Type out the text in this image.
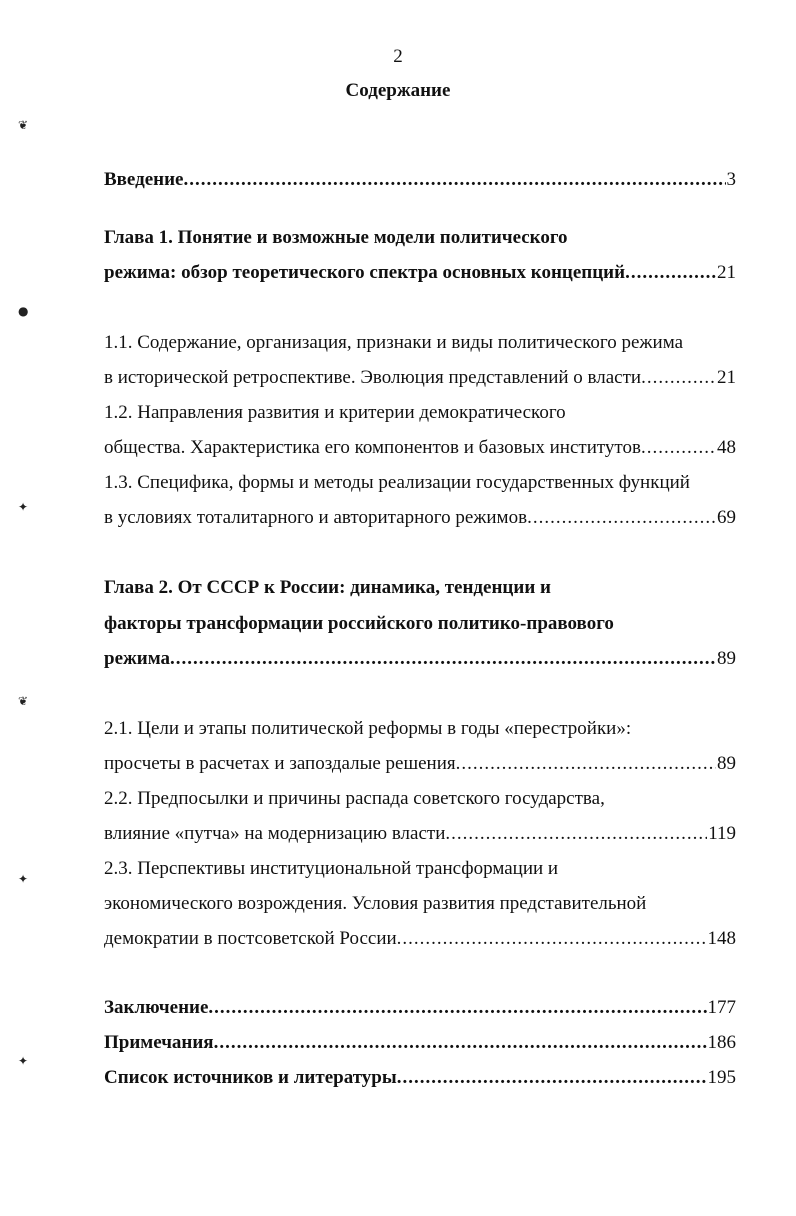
2
Содержание
❦
●
✦
❦
✦
✦
Введение .....	3
Глава 1. Понятие и возможные модели политического
режима: обзор теоретического спектра основных концепций .....	21
1.1. Содержание, организация, признаки и виды политического режима
в исторической ретроспективе. Эволюция представлений о власти .....	21
1.2. Направления развития и критерии демократического
общества. Характеристика его компонентов и базовых институтов .....	48
1.3. Специфика, формы и методы реализации государственных функций
в условиях тоталитарного и авторитарного режимов .....	69
Глава 2. От СССР к России: динамика, тенденции и
факторы трансформации российского политико-правового
режима .....	89
2.1. Цели и этапы политической реформы в годы «перестройки»:
просчеты в расчетах и запоздалые решения .....	89
2.2. Предпосылки и причины распада советского государства,
влияние «путча» на модернизацию власти .....	119
2.3. Перспективы институциональной трансформации и
экономического возрождения. Условия развития представительной
демократии в постсоветской России .....	148
Заключение .....	177
Примечания .....	186
Список источников и литературы .....	195
